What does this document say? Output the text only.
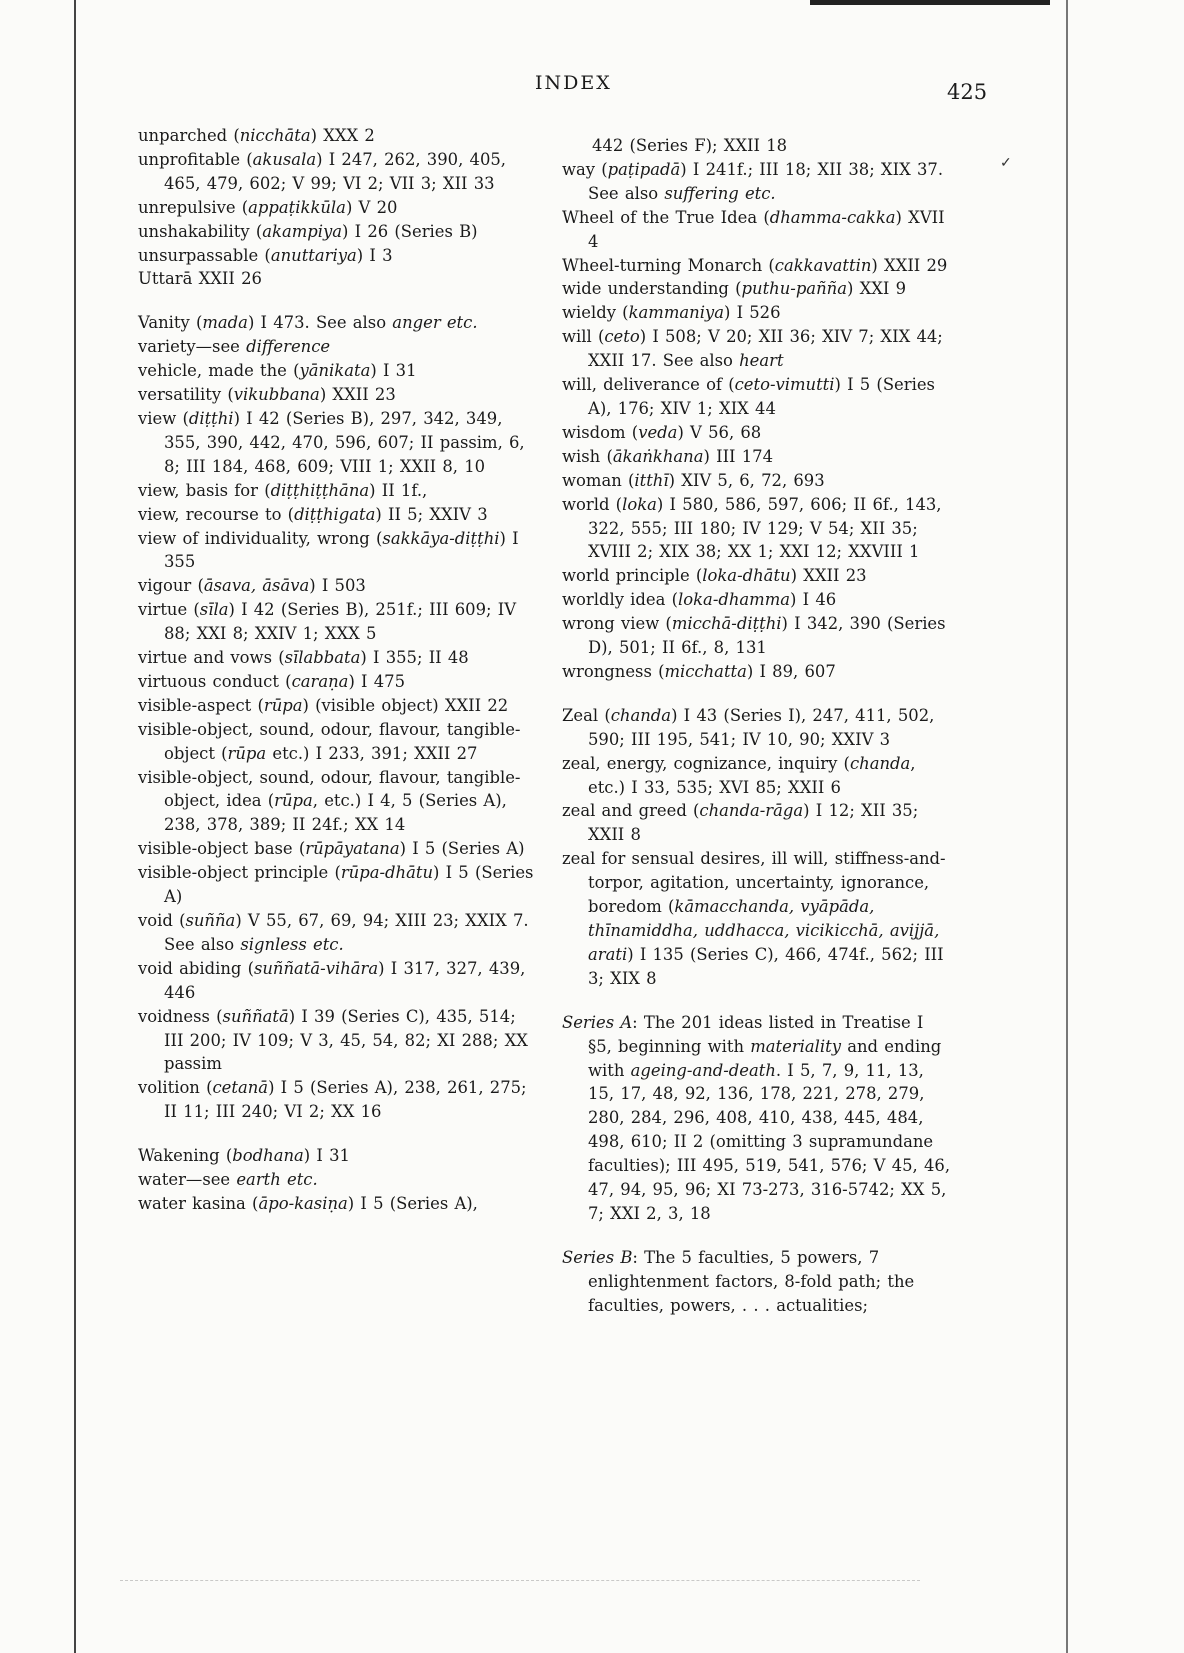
INDEX	425

unparched (nicchāta) XXX 2

unprofitable (akusala) I 247, 262, 390, 405, 465, 479, 602; V 99; VI 2; VII 3; XII 33

unrepulsive (appaṭikkūla) V 20

unshakability (akampiya) I 26 (Series B)

unsurpassable (anuttariya) I 3

Uttarā XXII 26

Vanity (mada) I 473. See also anger etc.

variety—see difference

vehicle, made the (yānikata) I 31

versatility (vikubbana) XXII 23

view (diṭṭhi) I 42 (Series B), 297, 342, 349, 355, 390, 442, 470, 596, 607; II passim, 6, 8; III 184, 468, 609; VIII 1; XXII 8, 10

view, basis for (diṭṭhiṭṭhāna) II 1f.,

view, recourse to (diṭṭhigata) II 5; XXIV 3

view of individuality, wrong (sakkāya-diṭṭhi) I 355

vigour (āsava, āsāva) I 503

virtue (sīla) I 42 (Series B), 251f.; III 609; IV 88; XXI 8; XXIV 1; XXX 5

virtue and vows (sīlabbata) I 355; II 48

virtuous conduct (caraṇa) I 475

visible-aspect (rūpa) (visible object) XXII 22

visible-object, sound, odour, flavour, tangible-object (rūpa etc.) I 233, 391; XXII 27

visible-object, sound, odour, flavour, tangible-object, idea (rūpa, etc.) I 4, 5 (Series A), 238, 378, 389; II 24f.; XX 14

visible-object base (rūpāyatana) I 5 (Series A)

visible-object principle (rūpa-dhātu) I 5 (Series A)

void (suñña) V 55, 67, 69, 94; XIII 23; XXIX 7. See also signless etc.

void abiding (suññatā-vihāra) I 317, 327, 439, 446

voidness (suññatā) I 39 (Series C), 435, 514; III 200; IV 109; V 3, 45, 54, 82; XI 288; XX passim

volition (cetanā) I 5 (Series A), 238, 261, 275; II 11; III 240; VI 2; XX 16

Wakening (bodhana) I 31

water—see earth etc.

water kasina (āpo-kasiṇa) I 5 (Series A),

442 (Series F); XXII 18

way (paṭipadā) I 241f.; III 18; XII 38; XIX 37. See also suffering etc.

Wheel of the True Idea (dhamma-cakka) XVII 4

Wheel-turning Monarch (cakkavattin) XXII 29

wide understanding (puthu-pañña) XXI 9

wieldy (kammaniya) I 526

will (ceto) I 508; V 20; XII 36; XIV 7; XIX 44; XXII 17. See also heart

will, deliverance of (ceto-vimutti) I 5 (Series A), 176; XIV 1; XIX 44

wisdom (veda) V 56, 68

wish (ākaṅkhana) III 174

woman (itthī) XIV 5, 6, 72, 693

world (loka) I 580, 586, 597, 606; II 6f., 143, 322, 555; III 180; IV 129; V 54; XII 35; XVIII 2; XIX 38; XX 1; XXI 12; XXVIII 1

world principle (loka-dhātu) XXII 23

worldly idea (loka-dhamma) I 46

wrong view (micchā-diṭṭhi) I 342, 390 (Series D), 501; II 6f., 8, 131

wrongness (micchatta) I 89, 607

Zeal (chanda) I 43 (Series I), 247, 411, 502, 590; III 195, 541; IV 10, 90; XXIV 3

zeal, energy, cognizance, inquiry (chanda, etc.) I 33, 535; XVI 85; XXII 6

zeal and greed (chanda-rāga) I 12; XII 35; XXII 8

zeal for sensual desires, ill will, stiffness-and-torpor, agitation, uncertainty, ignorance, boredom (kāmacchanda, vyāpāda, thīnamiddha, uddhacca, vicikicchā, avijjā, arati) I 135 (Series C), 466, 474f., 562; III 3; XIX 8

Series A: The 201 ideas listed in Treatise I §5, beginning with materiality and ending with ageing-and-death. I 5, 7, 9, 11, 13, 15, 17, 48, 92, 136, 178, 221, 278, 279, 280, 284, 296, 408, 410, 438, 445, 484, 498, 610; II 2 (omitting 3 supramundane faculties); III 495, 519, 541, 576; V 45, 46, 47, 94, 95, 96; XI 73-273, 316-5742; XX 5, 7; XXI 2, 3, 18

Series B: The 5 faculties, 5 powers, 7 enlightenment factors, 8-fold path; the faculties, powers, . . . actualities;

✓
